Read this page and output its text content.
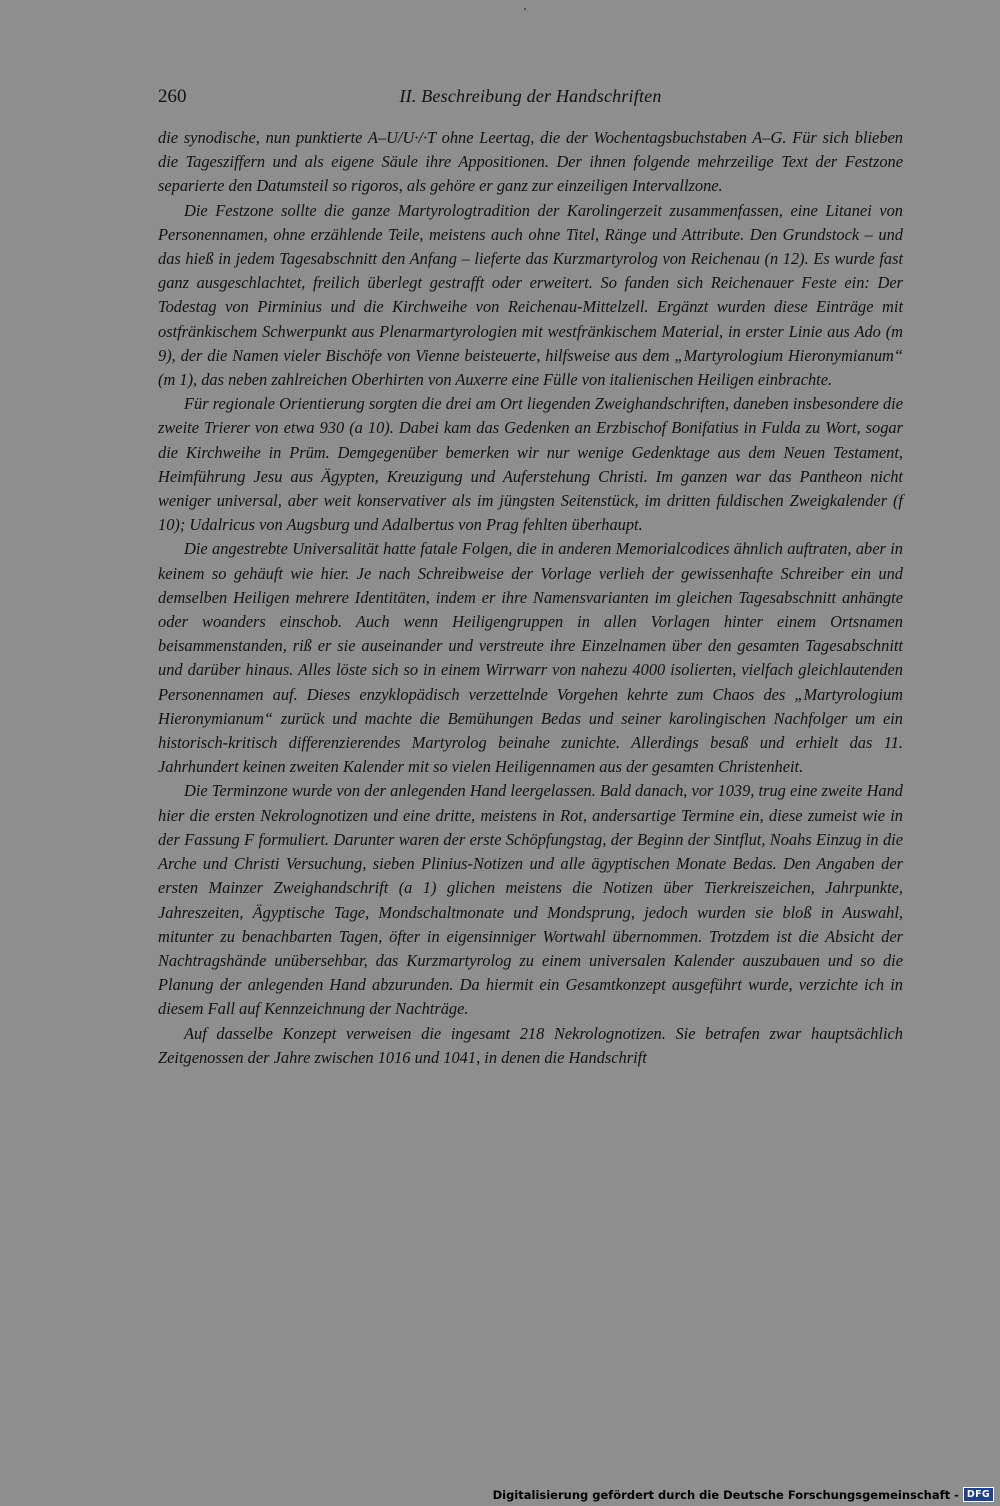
260	II. Beschreibung der Handschriften

die synodische, nun punktierte A–U/U·/·T ohne Leertag, die der Wochentagsbuchstaben A–G. Für sich blieben die Tagesziffern und als eigene Säule ihre Appositionen. Der ihnen folgende mehrzeilige Text der Festzone separierte den Datumsteil so rigoros, als gehöre er ganz zur einzeiligen Intervallzone.

Die Festzone sollte die ganze Martyrologtradition der Karolingerzeit zusammenfassen, eine Litanei von Personennamen, ohne erzählende Teile, meistens auch ohne Titel, Ränge und Attribute. Den Grundstock – und das hieß in jedem Tagesabschnitt den Anfang – lieferte das Kurzmartyrolog von Reichenau (n 12). Es wurde fast ganz ausgeschlachtet, freilich überlegt gestrafft oder erweitert. So fanden sich Reichenauer Feste ein: Der Todestag von Pirminius und die Kirchweihe von Reichenau-Mittelzell. Ergänzt wurden diese Einträge mit ostfränkischem Schwerpunkt aus Plenarmartyrologien mit westfränkischem Material, in erster Linie aus Ado (m 9), der die Namen vieler Bischöfe von Vienne beisteuerte, hilfsweise aus dem „Martyrologium Hieronymianum“ (m 1), das neben zahlreichen Oberhirten von Auxerre eine Fülle von italienischen Heiligen einbrachte.

Für regionale Orientierung sorgten die drei am Ort liegenden Zweighandschriften, daneben insbesondere die zweite Trierer von etwa 930 (a 10). Dabei kam das Gedenken an Erzbischof Bonifatius in Fulda zu Wort, sogar die Kirchweihe in Prüm. Demgegenüber bemerken wir nur wenige Gedenktage aus dem Neuen Testament, Heimführung Jesu aus Ägypten, Kreuzigung und Auferstehung Christi. Im ganzen war das Pantheon nicht weniger universal, aber weit konservativer als im jüngsten Seitenstück, im dritten fuldischen Zweigkalender (f 10); Udalricus von Augsburg und Adalbertus von Prag fehlten überhaupt.

Die angestrebte Universalität hatte fatale Folgen, die in anderen Memorialcodices ähnlich auftraten, aber in keinem so gehäuft wie hier. Je nach Schreibweise der Vorlage verlieh der gewissenhafte Schreiber ein und demselben Heiligen mehrere Identitäten, indem er ihre Namensvarianten im gleichen Tagesabschnitt anhängte oder woanders einschob. Auch wenn Heiligengruppen in allen Vorlagen hinter einem Ortsnamen beisammenstanden, riß er sie auseinander und verstreute ihre Einzelnamen über den gesamten Tagesabschnitt und darüber hinaus. Alles löste sich so in einem Wirrwarr von nahezu 4000 isolierten, vielfach gleichlautenden Personennamen auf. Dieses enzyklopädisch verzettelnde Vorgehen kehrte zum Chaos des „Martyrologium Hieronymianum“ zurück und machte die Bemühungen Bedas und seiner karolingischen Nachfolger um ein historisch-kritisch differenzierendes Martyrolog beinahe zunichte. Allerdings besaß und erhielt das 11. Jahrhundert keinen zweiten Kalender mit so vielen Heiligennamen aus der gesamten Christenheit.

Die Terminzone wurde von der anlegenden Hand leergelassen. Bald danach, vor 1039, trug eine zweite Hand hier die ersten Nekrolognotizen und eine dritte, meistens in Rot, andersartige Termine ein, diese zumeist wie in der Fassung F formuliert. Darunter waren der erste Schöpfungstag, der Beginn der Sintflut, Noahs Einzug in die Arche und Christi Versuchung, sieben Plinius-Notizen und alle ägyptischen Monate Bedas. Den Angaben der ersten Mainzer Zweighandschrift (a 1) glichen meistens die Notizen über Tierkreiszeichen, Jahrpunkte, Jahreszeiten, Ägyptische Tage, Mondschaltmonate und Mondsprung, jedoch wurden sie bloß in Auswahl, mitunter zu benachbarten Tagen, öfter in eigensinniger Wortwahl übernommen. Trotzdem ist die Absicht der Nachtragshände unübersehbar, das Kurzmartyrolog zu einem universalen Kalender auszubauen und so die Planung der anlegenden Hand abzurunden. Da hiermit ein Gesamtkonzept ausgeführt wurde, verzichte ich in diesem Fall auf Kennzeichnung der Nachträge.

Auf dasselbe Konzept verweisen die ingesamt 218 Nekrolognotizen. Sie betrafen zwar hauptsächlich Zeitgenossen der Jahre zwischen 1016 und 1041, in denen die Handschrift

Digitalisierung gefördert durch die Deutsche Forschungsgemeinschaft - DFG
